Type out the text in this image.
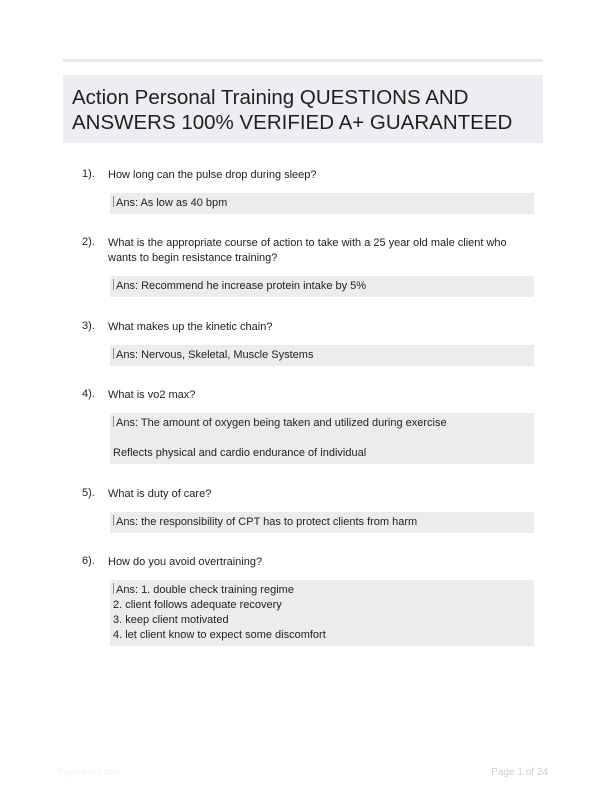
Action Personal Training QUESTIONS AND ANSWERS 100% VERIFIED A+ GUARANTEED
1). How long can the pulse drop during sleep?
Ans: As low as 40 bpm
2). What is the appropriate course of action to take with a 25 year old male client who wants to begin resistance training?
Ans: Recommend he increase protein intake by 5%
3). What makes up the kinetic chain?
Ans: Nervous, Skeletal, Muscle Systems
4). What is vo2 max?
Ans: The amount of oxygen being taken and utilized during exercise
Reflects physical and cardio endurance of individual
5). What is duty of care?
Ans: the responsibility of CPT has to protect clients from harm
6). How do you avoid overtraining?
Ans: 1. double check training regime
2. client follows adequate recovery
3. keep client motivated
4. let client know to expect some discomfort
PaperBliss.com	Page 1 of 24
